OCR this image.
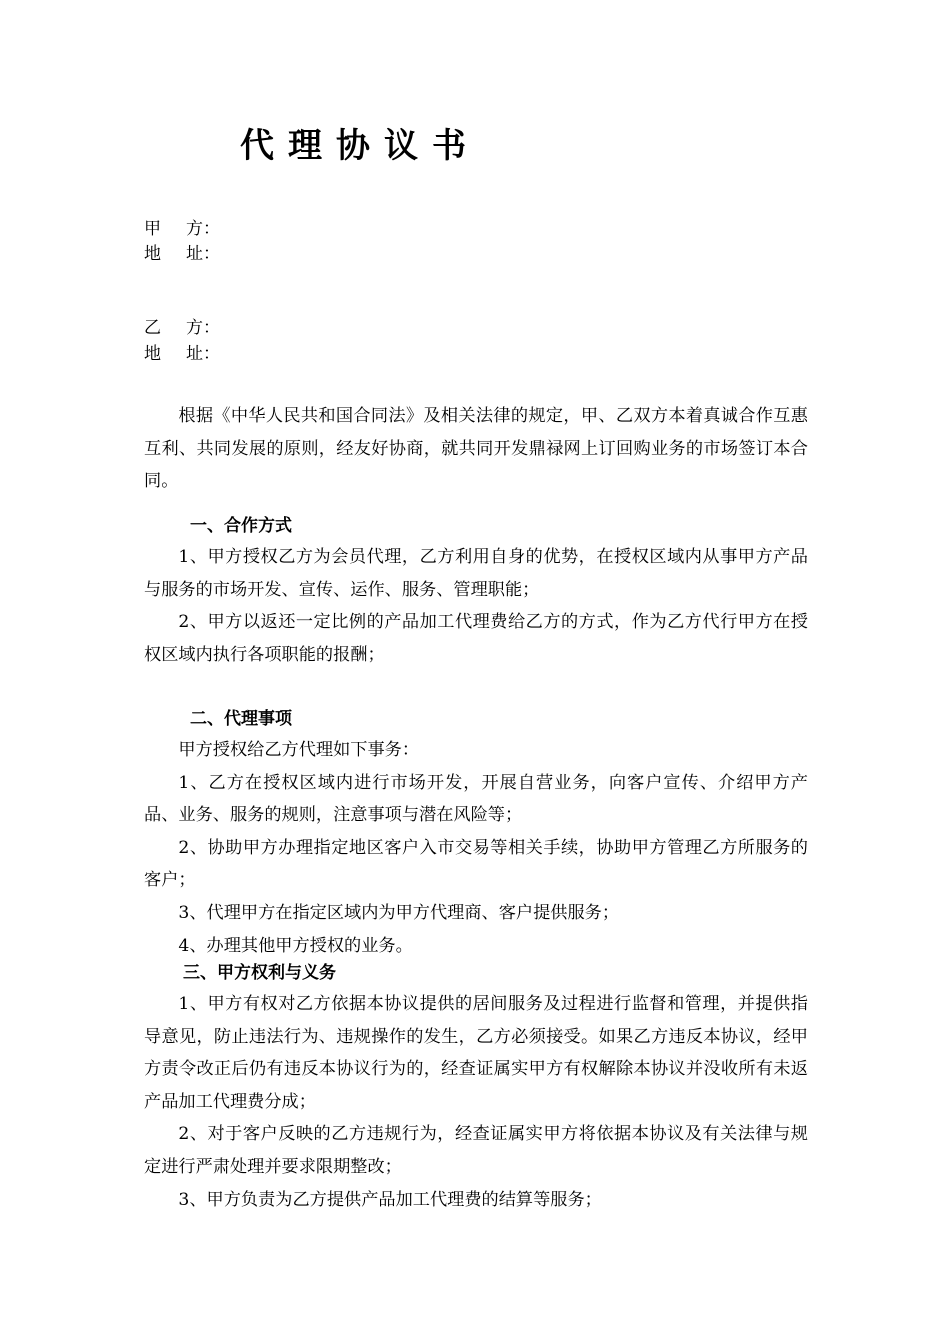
代理协议书
甲 方：
地 址：
乙 方：
地 址：

根据《中华人民共和国合同法》及相关法律的规定，甲、乙双方本着真诚合作互惠互利、共同发展的原则，经友好协商，就共同开发鼎禄网上订回购业务的市场签订本合同。

一、合作方式

1、甲方授权乙方为会员代理，乙方利用自身的优势，在授权区域内从事甲方产品与服务的市场开发、宣传、运作、服务、管理职能；

2、甲方以返还一定比例的产品加工代理费给乙方的方式，作为乙方代行甲方在授权区域内执行各项职能的报酬；

二、代理事项

甲方授权给乙方代理如下事务：

1、乙方在授权区域内进行市场开发，开展自营业务，向客户宣传、介绍甲方产品、业务、服务的规则，注意事项与潜在风险等；

2、协助甲方办理指定地区客户入市交易等相关手续，协助甲方管理乙方所服务的客户；

3、代理甲方在指定区域内为甲方代理商、客户提供服务；

4、办理其他甲方授权的业务。

三、甲方权利与义务

1、甲方有权对乙方依据本协议提供的居间服务及过程进行监督和管理，并提供指导意见，防止违法行为、违规操作的发生，乙方必须接受。如果乙方违反本协议，经甲方责令改正后仍有违反本协议行为的，经查证属实甲方有权解除本协议并没收所有未返产品加工代理费分成；

2、对于客户反映的乙方违规行为，经查证属实甲方将依据本协议及有关法律与规定进行严肃处理并要求限期整改；

3、甲方负责为乙方提供产品加工代理费的结算等服务；
